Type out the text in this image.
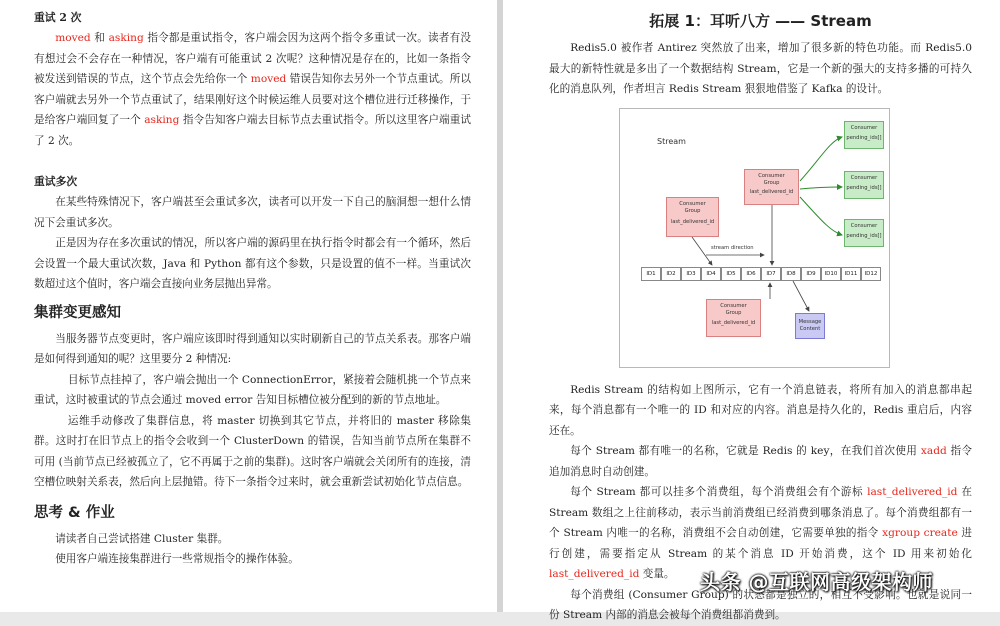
重试 2 次

moved 和 asking 指令都是重试指令，客户端会因为这两个指令多重试一次。读者有没有想过会不会存在一种情况，客户端有可能重试 2 次呢？这种情况是存在的，比如一条指令被发送到错误的节点，这个节点会先给你一个 moved 错误告知你去另外一个节点重试。所以客户端就去另外一个节点重试了，结果刚好这个时候运维人员要对这个槽位进行迁移操作，于是给客户端回复了一个 asking 指令告知客户端去目标节点去重试指令。所以这里客户端重试了 2 次。

重试多次

在某些特殊情况下，客户端甚至会重试多次，读者可以开发一下自己的脑洞想一想什么情况下会重试多次。

正是因为存在多次重试的情况，所以客户端的源码里在执行指令时都会有一个循环，然后会设置一个最大重试次数，Java 和 Python 都有这个参数，只是设置的值不一样。当重试次数超过这个值时，客户端会直接向业务层抛出异常。

集群变更感知

当服务器节点变更时，客户端应该即时得到通知以实时刷新自己的节点关系表。那客户端是如何得到通知的呢？这里要分 2 种情况:

目标节点挂掉了，客户端会抛出一个 ConnectionError，紧接着会随机挑一个节点来重试，这时被重试的节点会通过 moved error 告知目标槽位被分配到的新的节点地址。

运维手动修改了集群信息，将 master 切换到其它节点，并将旧的 master 移除集群。这时打在旧节点上的指令会收到一个 ClusterDown 的错误，告知当前节点所在集群不可用 (当前节点已经被孤立了，它不再属于之前的集群)。这时客户端就会关闭所有的连接，清空槽位映射关系表，然后向上层抛错。待下一条指令过来时，就会重新尝试初始化节点信息。

思考 & 作业

请读者自己尝试搭建 Cluster 集群。

使用客户端连接集群进行一些常规指令的操作体验。

拓展 1：耳听八方 —— Stream

Redis5.0 被作者 Antirez 突然放了出来，增加了很多新的特色功能。而 Redis5.0 最大的新特性就是多出了一个数据结构 Stream，它是一个新的强大的支持多播的可持久化的消息队列，作者坦言 Redis Stream 狠狠地借鉴了 Kafka 的设计。

Stream
Consumer
Group
last_delivered_id
Consumer
Group
last_delivered_id
Consumer
Group
last_delivered_id
Consumer
pending_ids[]
Consumer
pending_ids[]
Consumer
pending_ids[]
stream direction
ID1	ID2	ID3	ID4	ID5	ID6	ID7	ID8	ID9	ID10	ID11	ID12
Message
Content

Redis Stream 的结构如上图所示，它有一个消息链表，将所有加入的消息都串起来，每个消息都有一个唯一的 ID 和对应的内容。消息是持久化的，Redis 重启后，内容还在。

每个 Stream 都有唯一的名称，它就是 Redis 的 key，在我们首次使用 xadd 指令追加消息时自动创建。

每个 Stream 都可以挂多个消费组，每个消费组会有个游标 last_delivered_id 在 Stream 数组之上往前移动，表示当前消费组已经消费到哪条消息了。每个消费组都有一个 Stream 内唯一的名称，消费组不会自动创建，它需要单独的指令 xgroup create 进行创建，需要指定从 Stream 的某个消息 ID 开始消费，这个 ID 用来初始化 last_delivered_id 变量。

每个消费组 (Consumer Group) 的状态都是独立的，相互不受影响。也就是说同一份 Stream 内部的消息会被每个消费组都消费到。

头条 @互联网高级架构师
